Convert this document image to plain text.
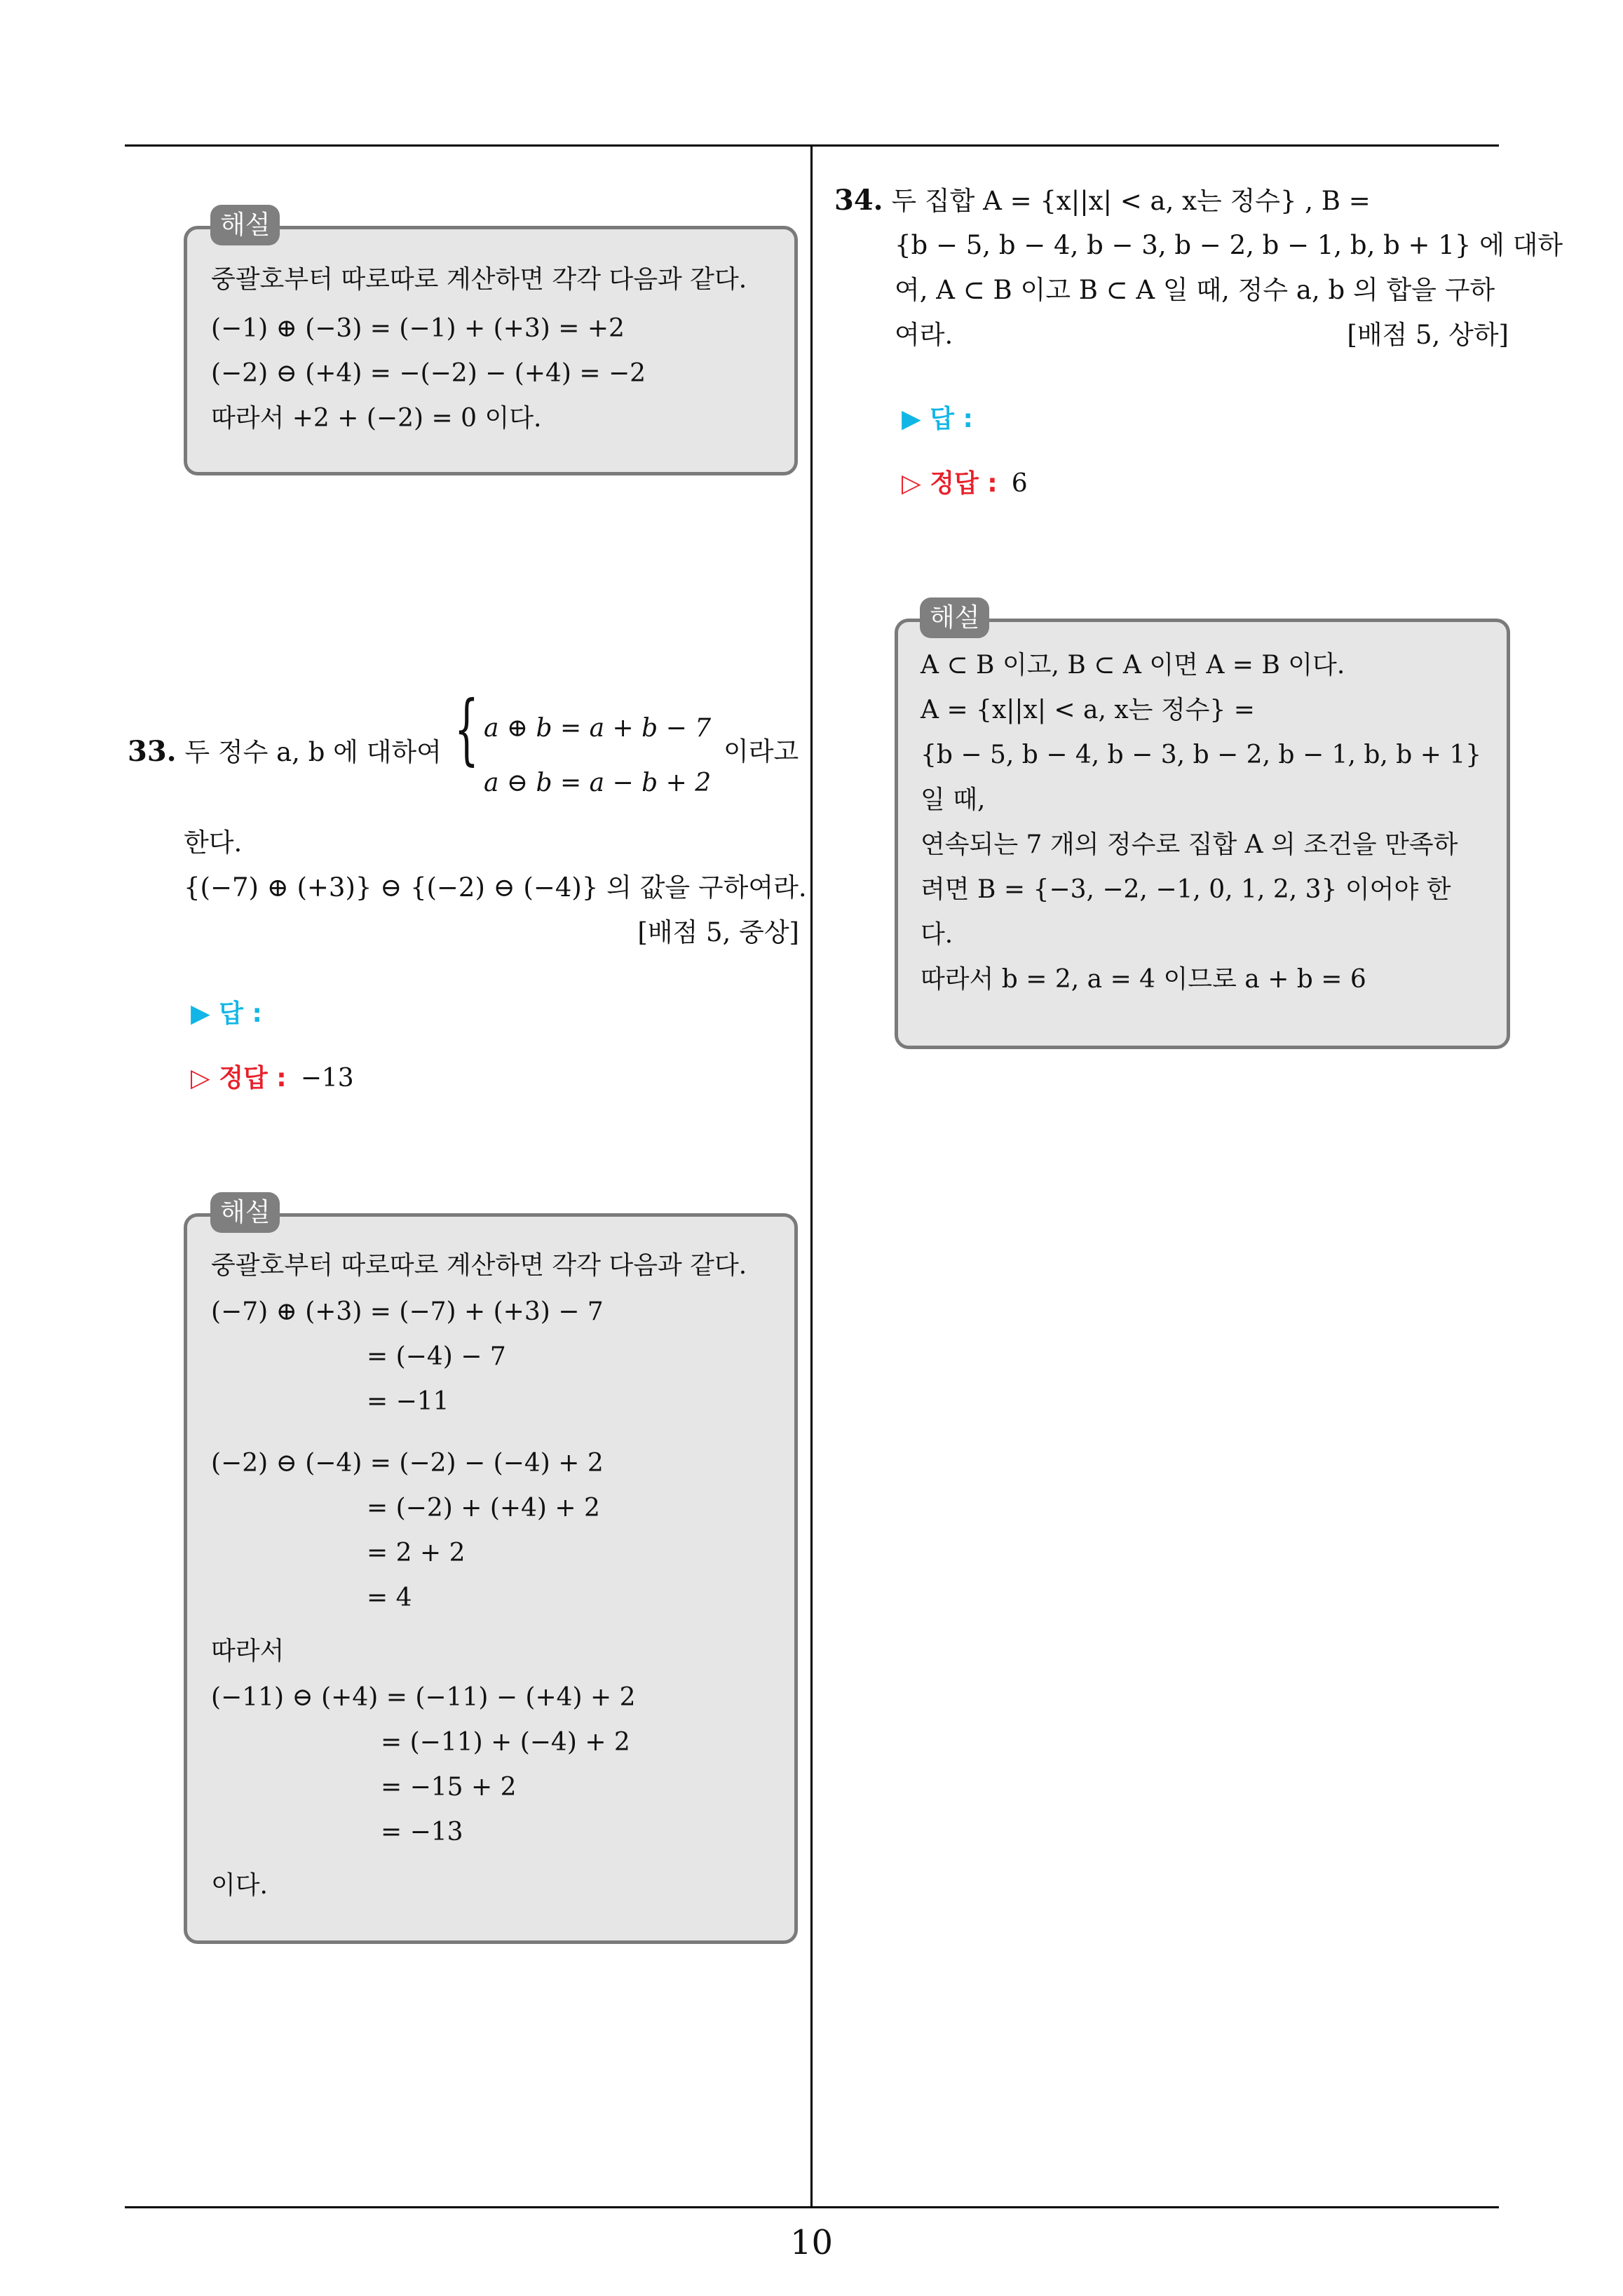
중괄호부터 따로따로 계산하면 각각 다음과 같다.
(−1) ⊕ (−3) = (−1) + (+3) = +2
(−2) ⊖ (+4) = −(−2) − (+4) = −2
따라서 +2 + (−2) = 0 이다.
해설
33. 두 정수 a, b 에 대하여 { a ⊕ b = a + b − 7
a ⊖ b = a − b + 2
이라고
한다.
{(−7) ⊕ (+3)} ⊖ {(−2) ⊖ (−4)} 의 값을 구하여라.
[배점 5, 중상]
▶ 답 :
▷ 정답 : −13
중괄호부터 따로따로 계산하면 각각 다음과 같다.
(−7) ⊕ (+3) = (−7) + (+3) − 7
= (−4) − 7
= −11
(−2) ⊖ (−4) = (−2) − (−4) + 2
= (−2) + (+4) + 2
= 2 + 2
= 4
따라서
(−11) ⊖ (+4) = (−11) − (+4) + 2
= (−11) + (−4) + 2
= −15 + 2
= −13
이다.
해설
34. 두 집합 A = {x||x| < a, x는 정수} , B =
{b − 5, b − 4, b − 3, b − 2, b − 1, b, b + 1} 에 대하
여, A ⊂ B 이고 B ⊂ A 일 때, 정수 a, b 의 합을 구하
여라.	[배점 5, 상하]
▶ 답 :
▷ 정답 : 6
A ⊂ B 이고, B ⊂ A 이면 A = B 이다.
A = {x||x| < a, x는 정수} =
{b − 5, b − 4, b − 3, b − 2, b − 1, b, b + 1}
일 때,
연속되는 7 개의 정수로 집합 A 의 조건을 만족하
려면 B = {−3, −2, −1, 0, 1, 2, 3} 이어야 한
다.
따라서 b = 2, a = 4 이므로 a + b = 6
해설
10
